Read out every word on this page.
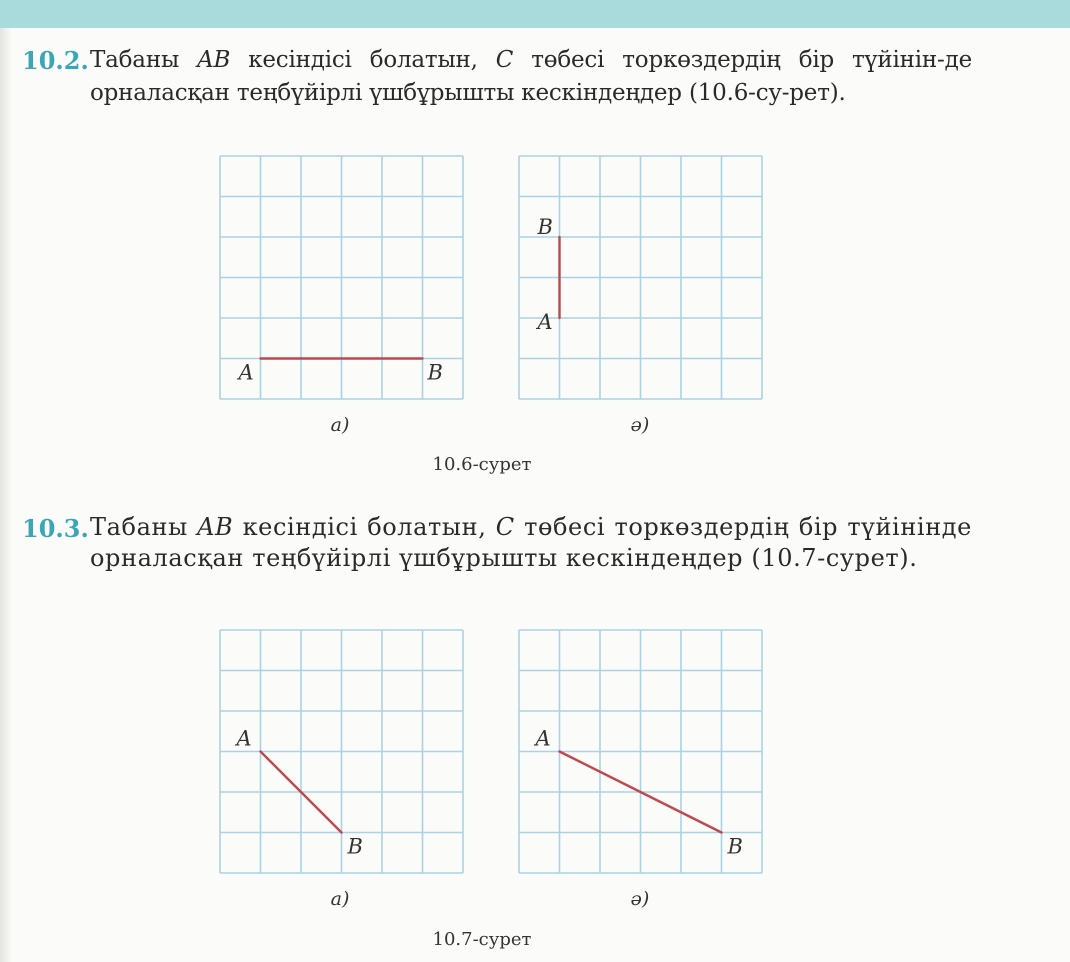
10.2. Табаны AB кесіндісі болатын, C төбесі торкөздердің бір түйінін-де орналасқан теңбүйірлі үшбұрышты кескіндеңдер (10.6-су-рет).
10.3. Табаны AB кесіндісі болатын, C төбесі торкөздердің бір түйінінде орналасқан теңбүйірлі үшбұрышты кескіндеңдер (10.7-сурет).
A	B
а)
A
B
ә)
10.6-сурет
A
B
а)
A
B
ә)
10.7-сурет
